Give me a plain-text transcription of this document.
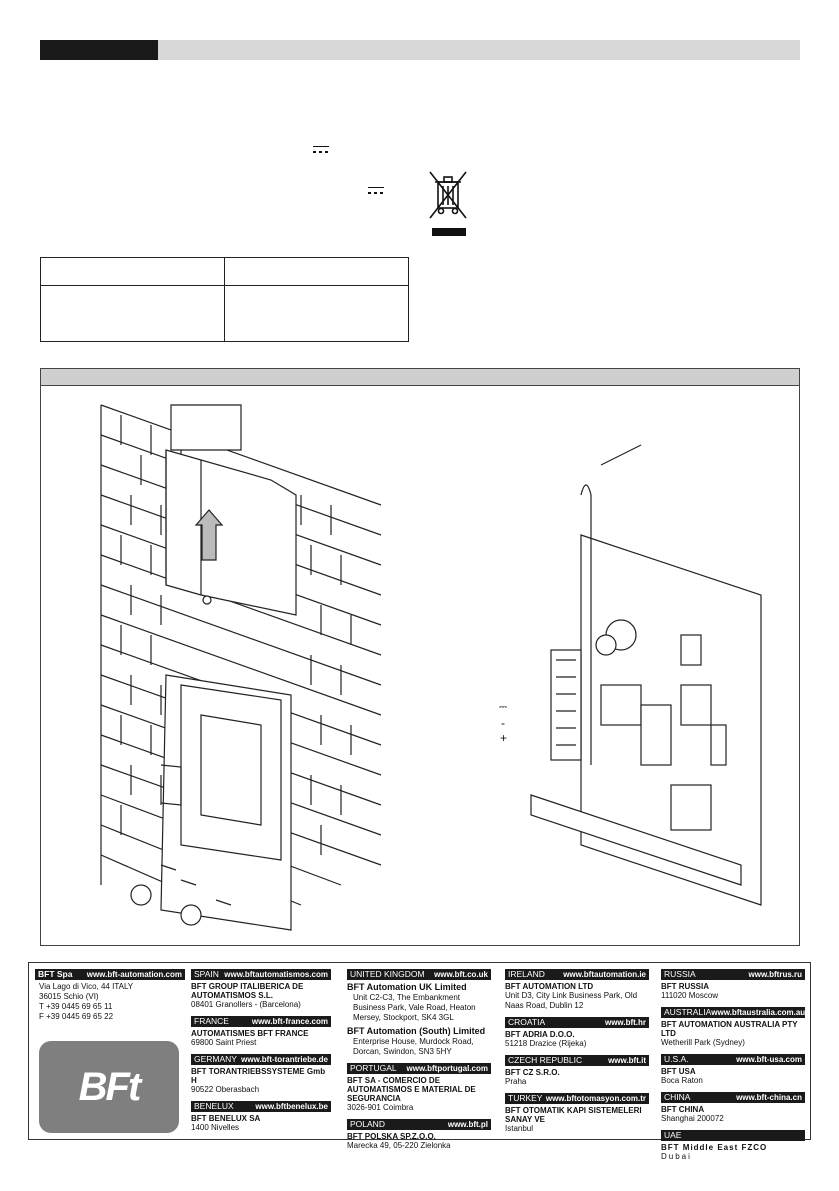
⎓
-
+
BFT Spa www.bft-automation.com
Via Lago di Vico, 44 ITALY
36015 Schio (VI)
T +39 0445 69 65 11
F +39 0445 69 65 22
BFt
SPAIN www.bftautomatismos.com
BFT GROUP ITALIBERICA DE AUTOMATISMOS S.L.
08401 Granollers - (Barcelona)
FRANCE	www.bft-france.com
AUTOMATISMES BFT FRANCE
69800 Saint Priest
GERMANY www.bft-torantriebe.de
BFT TORANTRIEBSSYSTEME Gmb H
90522 Oberasbach
BENELUX	www.bftbenelux.be
BFT BENELUX SA
1400 Nivelles
UNITED KINGDOM www.bft.co.uk
BFT Automation UK Limited
Unit C2-C3, The Embankment Business Park, Vale Road, Heaton Mersey, Stockport, SK4 3GL
BFT Automation (South) Limited
Enterprise House, Murdock Road, Dorcan, Swindon, SN3 5HY
PORTUGAL www.bftportugal.com
BFT SA - COMERCIO DE AUTOMATISMOS E MATERIAL DE SEGURANCIA
3026-901 Coimbra
POLAND	www.bft.pl
BFT POLSKA SP.Z.O.O.
Marecka 49, 05-220 Zielonka
IRELAND www.bftautomation.ie
BFT AUTOMATION LTD
Unit D3, City Link Business Park, Old Naas Road, Dublin 12
CROATIA	www.bft.hr
BFT ADRIA D.O.O.
51218 Drazice (Rijeka)
CZECH REPUBLIC	www.bft.it
BFT CZ S.R.O.
Praha
TURKEY www.bftotomasyon.com.tr
BFT OTOMATIK KAPI SISTEMELERI SANAY VE
Istanbul
RUSSIA	www.bftrus.ru
BFT RUSSIA
111020 Moscow
AUSTRALIA www.bftaustralia.com.au
BFT AUTOMATION AUSTRALIA PTY LTD
Wetherill Park (Sydney)
U.S.A.	www.bft-usa.com
BFT USA
Boca Raton
CHINA	www.bft-china.cn
BFT CHINA
Shanghai 200072
UAE
BFT Middle East FZCO
Dubai
